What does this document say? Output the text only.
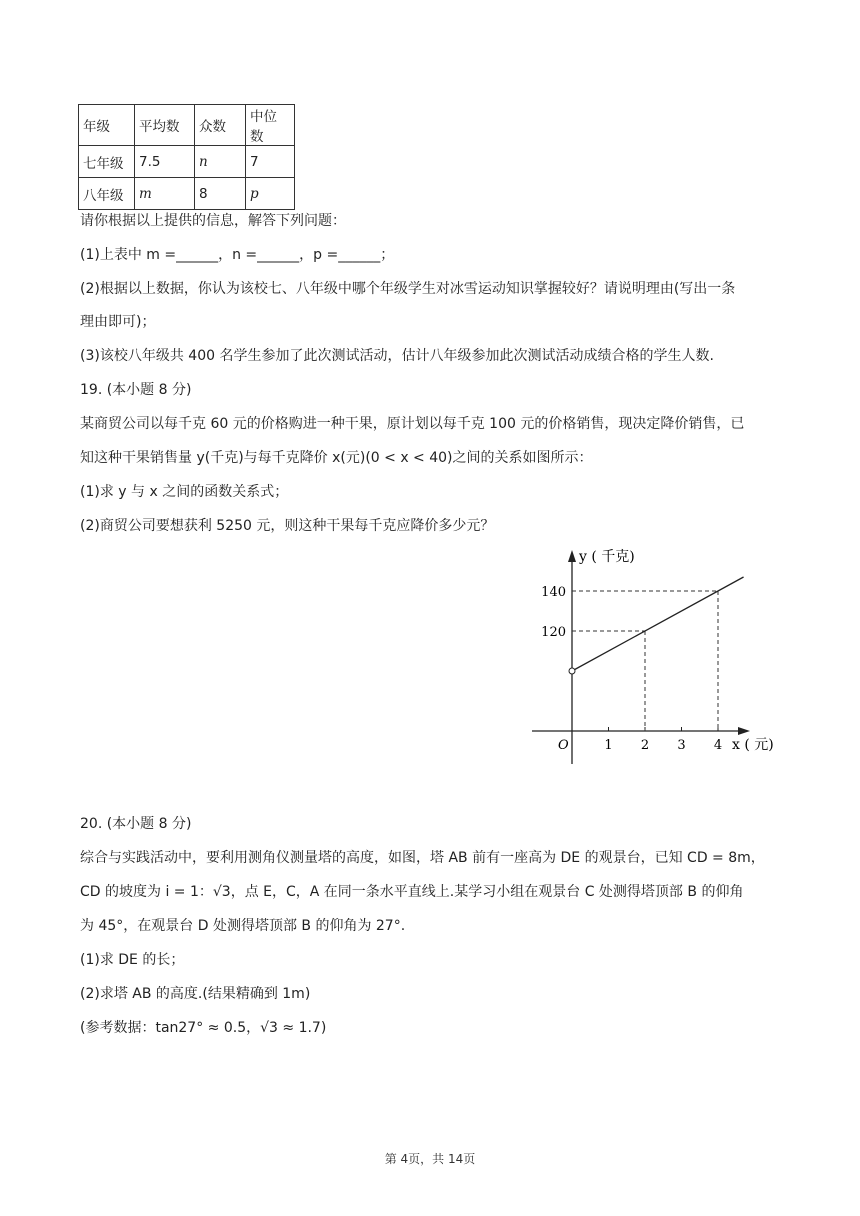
年级	平均数	众数	中位数
七年级	7.5	n	7
八年级	m	8	p
请你根据以上提供的信息，解答下列问题：
(1)上表中 m =______，n =______，p =______；
(2)根据以上数据，你认为该校七、八年级中哪个年级学生对冰雪运动知识掌握较好？请说明理由(写出一条
理由即可)；
(3)该校八年级共 400 名学生参加了此次测试活动，估计八年级参加此次测试活动成绩合格的学生人数.
19. (本小题 8 分)
某商贸公司以每千克 60 元的价格购进一种干果，原计划以每千克 100 元的价格销售，现决定降价销售，已
知这种干果销售量 y(千克)与每千克降价 x(元)(0 < x < 40)之间的关系如图所示：
(1)求 y 与 x 之间的函数关系式；
(2)商贸公司要想获利 5250 元，则这种干果每千克应降价多少元？
y ( 千克)
x ( 元)
O	1 2 3 4
120
140
20. (本小题 8 分)
综合与实践活动中，要利用测角仪测量塔的高度，如图，塔 AB 前有一座高为 DE 的观景台，已知 CD = 8m，
CD 的坡度为 i = 1：√3，点 E，C，A 在同一条水平直线上.某学习小组在观景台 C 处测得塔顶部 B 的仰角
为 45°，在观景台 D 处测得塔顶部 B 的仰角为 27°.
(1)求 DE 的长；
(2)求塔 AB 的高度.(结果精确到 1m)
(参考数据：tan27° ≈ 0.5，√3 ≈ 1.7)
第 4页，共 14页
